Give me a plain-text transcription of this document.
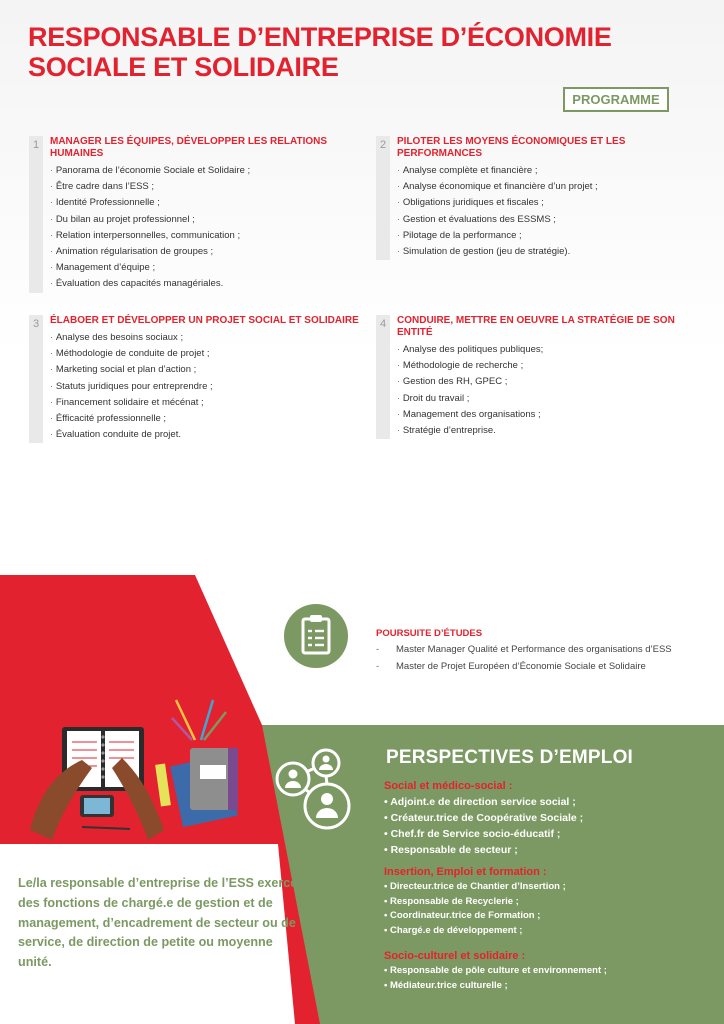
RESPONSABLE D’ENTREPRISE D’ÉCONOMIE
SOCIALE ET SOLIDAIRE
PROGRAMME
1	MANAGER LES ÉQUIPES, DÉVELOPPER LES RELATIONS HUMAINES
· Panorama de l’économie Sociale et Solidaire ;
· Être cadre dans l’ESS ;
· Identité Professionnelle ;
· Du bilan au projet professionnel ;
· Relation interpersonnelles, communication ;
· Animation régularisation de groupes ;
· Management d’équipe ;
· Évaluation des capacités managériales.
2	PILOTER LES MOYENS ÉCONOMIQUES ET LES PERFORMANCES
· Analyse complète et financière ;
· Analyse économique et financière d’un projet ;
· Obligations juridiques et fiscales ;
· Gestion et évaluations des ESSMS ;
· Pilotage de la performance ;
· Simulation de gestion (jeu de stratégie).
3	ÉLABOER ET DÉVELOPPER UN PROJET SOCIAL ET SOLIDAIRE
· Analyse des besoins sociaux ;
· Méthodologie de conduite de projet ;
· Marketing social et plan d’action ;
· Statuts juridiques pour entreprendre ;
· Financement solidaire et mécénat ;
· Éfficacité professionnelle ;
· Évaluation conduite de projet.
4	CONDUIRE, METTRE EN OEUVRE LA STRATÉGIE DE SON ENTITÉ
· Analyse des politiques publiques;
· Méthodologie de recherche ;
· Gestion des RH, GPEC ;
· Droit du travail ;
· Management des organisations ;
· Stratégie d’entreprise.
POURSUITE D’ÉTUDES
-	Master Manager Qualité et Performance des organisations d’ESS
-	Master de Projet Européen d’Économie Sociale et Solidaire
PERSPECTIVES D’EMPLOI
Social et médico-social :
• Adjoint.e de direction service social ;
• Créateur.trice de Coopérative Sociale ;
• Chef.fr de Service socio-éducatif ;
• Responsable de secteur ;
Insertion, Emploi et formation :
• Directeur.trice de Chantier d’Insertion ;
• Responsable de Recyclerie ;
• Coordinateur.trice de Formation ;
• Chargé.e de développement ;
Socio-culturel et solidaire :
• Responsable de pôle culture et environnement ;
• Médiateur.trice culturelle ;
Le/la responsable d’entreprise de l’ESS exerce des fonctions de chargé.e de gestion et de management, d’encadrement de secteur ou de service, de direction de petite ou moyenne unité.
